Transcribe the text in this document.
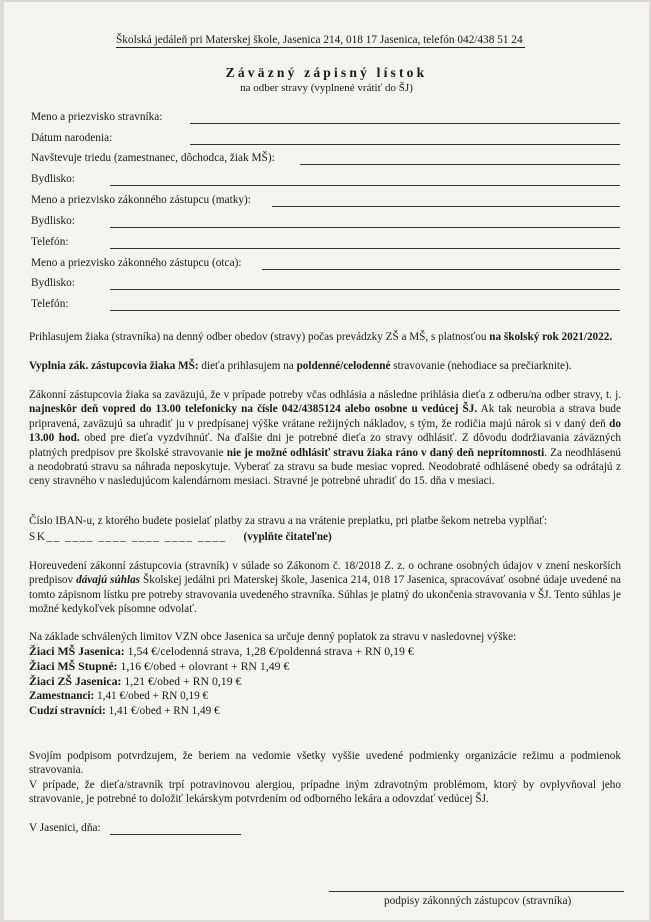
Školská jedáleň pri Materskej škole, Jasenica 214, 018 17 Jasenica, telefón 042/438 51 24
Záväzný zápisný lístok
na odber stravy (vyplnené vrátiť do ŠJ)
Meno a priezvisko stravníka:
Dátum narodenia:
Navštevuje triedu (zamestnanec, dôchodca, žiak MŠ):
Bydlisko:
Meno a priezvisko zákonného zástupcu (matky):
Bydlisko:
Telefón:
Meno a priezvisko zákonného zástupcu (otca):
Bydlisko:
Telefón:
Prihlasujem žiaka (stravníka) na denný odber obedov (stravy) počas prevádzky ZŠ a MŠ, s platnosťou na školský rok 2021/2022.
Vyplnia zák. zástupcovia žiaka MŠ: dieťa prihlasujem na poldenné/celodenné stravovanie (nehodiace sa prečiarknite).
Zákonní zástupcovia žiaka sa zaväzujú, že v prípade potreby včas odhlásia a následne prihlásia dieťa z odberu/na odber stravy, t. j. najneskôr deň vopred do 13.00 telefonicky na čísle 042/4385124 alebo osobne u vedúcej ŠJ. Ak tak neurobia a strava bude pripravená, zaväzujú sa uhradiť ju v predpísanej výške vrátane režijných nákladov, s tým, že rodičia majú nárok si v daný deň do 13.00 hod. obed pre dieťa vyzdvihnúť. Na ďalšie dni je potrebné dieťa zo stravy odhlásiť. Z dôvodu dodržiavania záväzných platných predpisov pre školské stravovanie nie je možné odhlásiť stravu žiaka ráno v daný deň neprítomnosti. Za neodhlásenú a neodobratú stravu sa náhrada neposkytuje. Vyberať za stravu sa bude mesiac vopred. Neodobraté odhlásené obedy sa odrátajú z ceny stravného v nasledujúcom kalendárnom mesiaci. Stravné je potrebné uhradiť do 15. dňa v mesiaci.
Číslo IBAN-u, z ktorého budete posielať platby za stravu a na vrátenie preplatku, pri platbe šekom netreba vyplňať:
SK__ ____ ____ ____ ____ ____ (vyplňte čitateľne)
Horeuvedení zákonní zástupcovia (stravník) v súlade so Zákonom č. 18/2018 Z. z. o ochrane osobných údajov v znení neskorších predpisov dávajú súhlas Školskej jedálni pri Materskej škole, Jasenica 214, 018 17 Jasenica, spracovávať osobné údaje uvedené na tomto zápisnom lístku pre potreby stravovania uvedeného stravníka. Súhlas je platný do ukončenia stravovania v ŠJ. Tento súhlas je možné kedykoľvek písomne odvolať.
Na základe schválených limitov VZN obce Jasenica sa určuje denný poplatok za stravu v nasledovnej výške:
Žiaci MŠ Jasenica: 1,54 €/celodenná strava, 1,28 €/poldenná strava + RN 0,19 €
Žiaci MŠ Stupné: 1,16 €/obed + olovrant + RN 1,49 €
Žiaci ZŠ Jasenica: 1,21 €/obed + RN 0,19 €
Zamestnanci: 1,41 €/obed + RN 0,19 €
Cudzí stravníci: 1,41 €/obed + RN 1,49 €
Svojím podpisom potvrdzujem, že beriem na vedomie všetky vyššie uvedené podmienky organizácie režimu a podmienok stravovania.
V prípade, že dieťa/stravník trpí potravinovou alergiou, prípadne iným zdravotným problémom, ktorý by ovplyvňoval jeho stravovanie, je potrebné to doložiť lekárskym potvrdením od odborného lekára a odovzdať vedúcej ŠJ.
V Jasenici, dňa:
podpisy zákonných zástupcov (stravníka)
